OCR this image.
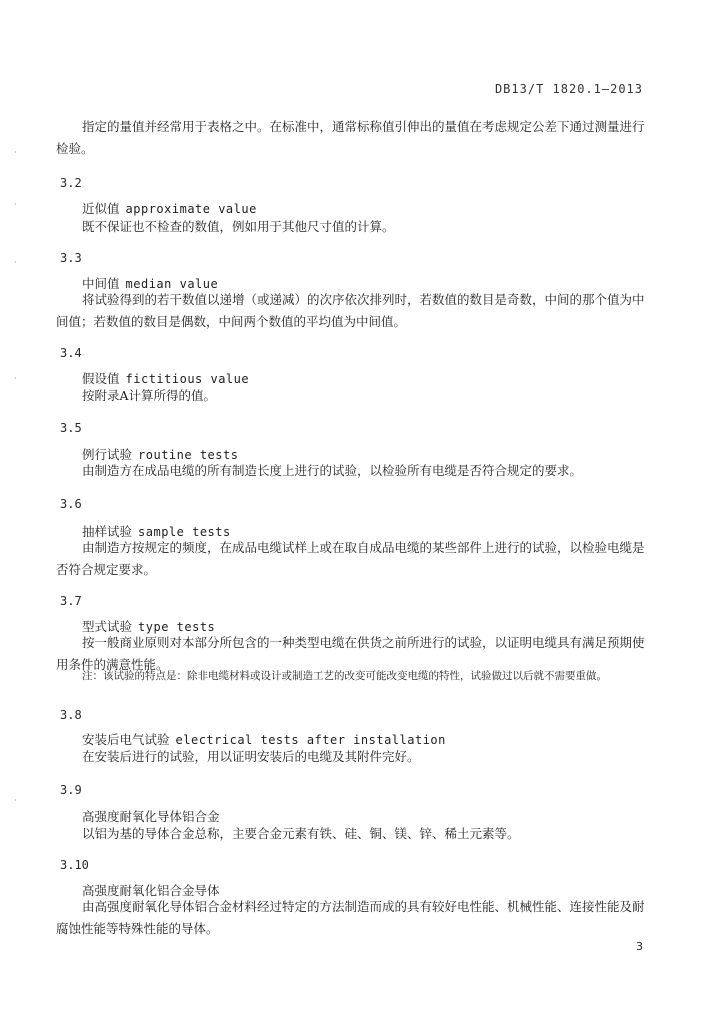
DB13/T 1820.1—2013
指定的量值并经常用于表格之中。在标准中，通常标称值引伸出的量值在考虑规定公差下通过测量进行检验。
3.2
近似值 approximate value
既不保证也不检查的数值，例如用于其他尺寸值的计算。
3.3
中间值 median value
将试验得到的若干数值以递增（或递减）的次序依次排列时，若数值的数目是奇数，中间的那个值为中间值；若数值的数目是偶数，中间两个数值的平均值为中间值。
3.4
假设值 fictitious value
按附录A计算所得的值。
3.5
例行试验 routine tests
由制造方在成品电缆的所有制造长度上进行的试验，以检验所有电缆是否符合规定的要求。
3.6
抽样试验 sample tests
由制造方按规定的频度，在成品电缆试样上或在取自成品电缆的某些部件上进行的试验，以检验电缆是否符合规定要求。
3.7
型式试验 type tests
按一般商业原则对本部分所包含的一种类型电缆在供货之前所进行的试验，以证明电缆具有满足预期使用条件的满意性能。
注：该试验的特点是：除非电缆材料或设计或制造工艺的改变可能改变电缆的特性，试验做过以后就不需要重做。
3.8
安装后电气试验 electrical tests after installation
在安装后进行的试验，用以证明安装后的电缆及其附件完好。
3.9
高强度耐氧化导体铝合金
以铝为基的导体合金总称，主要合金元素有铁、硅、铜、镁、锌、稀土元素等。
3.10
高强度耐氧化铝合金导体
由高强度耐氧化导体铝合金材料经过特定的方法制造而成的具有较好电性能、机械性能、连接性能及耐腐蚀性能等特殊性能的导体。
3
·
·
·
·
·
